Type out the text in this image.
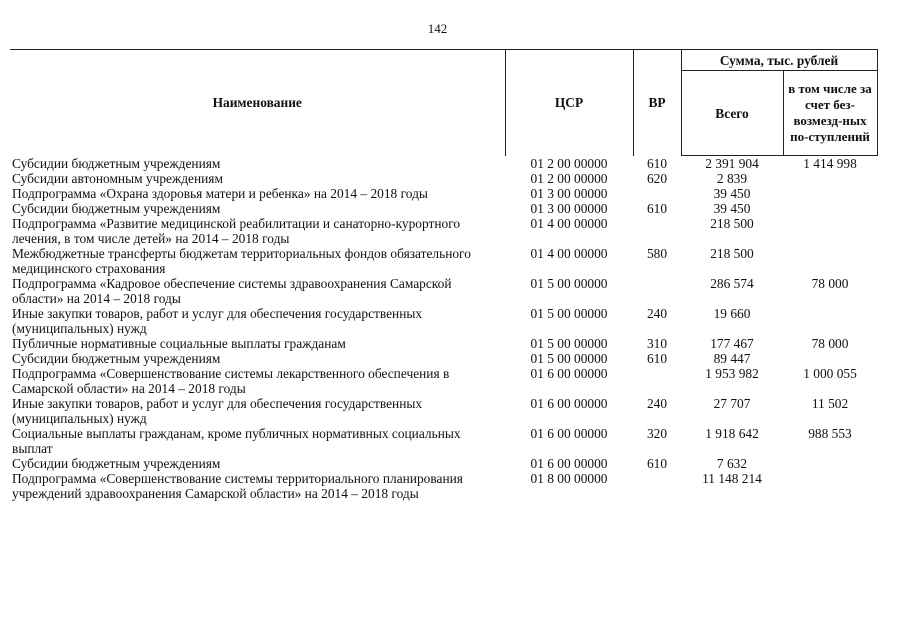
142
Наименование	ЦСР	ВР	Сумма, тыс. рублей	
			Всего	в том числе за счет без-возмезд-ных по-ступлений
Субсидии бюджетным учреждениям	01 2 00 00000	610	2 391 904	1 414 998
Субсидии автономным учреждениям	01 2 00 00000	620	2 839	
Подпрограмма «Охрана здоровья матери и ребенка» на 2014 – 2018 годы	01 3 00 00000		39 450	
Субсидии бюджетным учреждениям	01 3 00 00000	610	39 450	
Подпрограмма «Развитие медицинской реабилитации и санаторно-курортного лечения, в том числе детей» на 2014 – 2018 годы	01 4 00 00000		218 500	
Межбюджетные трансферты бюджетам территориальных фондов обязательного медицинского страхования	01 4 00 00000	580	218 500	
Подпрограмма «Кадровое обеспечение системы здравоохранения Самарской области» на 2014 – 2018 годы	01 5 00 00000		286 574	78 000
Иные закупки товаров, работ и услуг для обеспечения государственных (муниципальных) нужд	01 5 00 00000	240	19 660	
Публичные нормативные социальные выплаты гражданам	01 5 00 00000	310	177 467	78 000
Субсидии бюджетным учреждениям	01 5 00 00000	610	89 447	
Подпрограмма «Совершенствование системы лекарственного обеспечения в Самарской области» на 2014 – 2018 годы	01 6 00 00000		1 953 982	1 000 055
Иные закупки товаров, работ и услуг для обеспечения государственных (муниципальных) нужд	01 6 00 00000	240	27 707	11 502
Социальные выплаты гражданам, кроме публичных нормативных социальных выплат	01 6 00 00000	320	1 918 642	988 553
Субсидии бюджетным учреждениям	01 6 00 00000	610	7 632	
Подпрограмма «Совершенствование системы территориального планирования учреждений здравоохранения Самарской области» на 2014 – 2018 годы	01 8 00 00000		11 148 214	
